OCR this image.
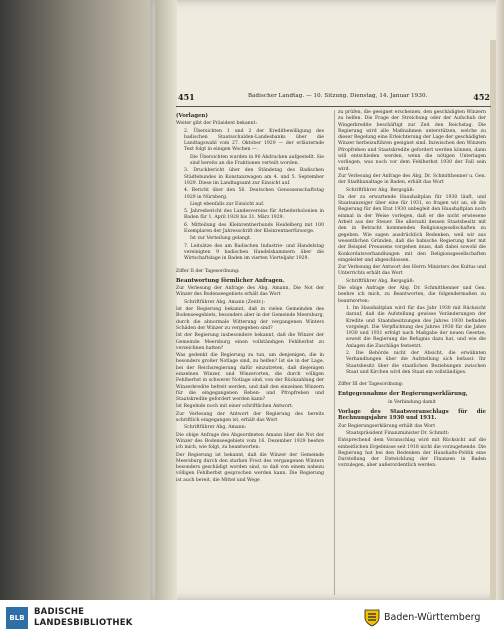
451	Badischer Landtag. — 10. Sitzung. Dienstag, 14. Januar 1930.	452

(Vorlagen)

Weiter gibt der Präsident bekannt:

2. Übersichten 1 und 2 der Kreditbewilligung des badischen Staatsschulden-Landesbanks über die Landtagswahl vom 27. Oktober 1929 — der erläuternde Text folgt in einigen Wochen —.

Die Übersichten wurden in 90 Abdrucken aufgestellt. Sie sind bereits an die Fraktionen verteilt worden.

3. Druckbericht über den Ständetag des Badischen Städtebundes in Konstanzwagen am 4. und 5. September 1929. Diese im Landtagsamt zur Einsicht auf.

4. Bericht über den 56. Deutschen Genossenschaftstag 1929 in Nürnberg.

Liegt ebenfalls zur Einsicht auf.

5. Jahresbericht des Landesvereins für Arbeiterkolonien in Baden für 1. April 1928 bis 31. März 1929.

6. Mitteilung des Kleinrentnerbunds Heidelberg mit 100 Exemplaren der Jahresschrift der Kleinrentnerfürsorge.

Ist zur Verteilung gelangt.

7. Leitsätze des am Badischen Industrie- und Handelstag vereinigten 9 badischen Handelskammern über die Wirtschaftslage in Baden im vierten Vierteljahr 1929.

Ziffer II der Tagesordnung:

Beantwortung förmlicher Anfragen.

Zur Verlesung der Anfrage des Abg. Amann, Die Not der Winzer des Bodenseegebiets erhält das Wort

Schriftführer Abg. Amann (Zentr.):

Ist der Regierung bekannt, daß in vielen Gemeinden des Bodenseegebiets, besonders aber in der Gemeinde Meersburg, durch die abnormale Witterung der vergangenen Winters Schäden der Winzer zu vergegeben sind?

Ist der Regierung insbesondere bekannt, daß die Winzer der Gemeinde Meersburg einen vollständigen Fehlherbst zu verzeichnen hatten?

Was gedenkt die Regierung zu tun, um denjenigen, die in besonders großer Notlage sind, zu helfen? Ist sie in der Lage, bei der Reichsregierung dafür einzutreten, daß diejenigen einzelnen Winzer, und Winzerorten, die durch völligen Fehlherbst in schwerer Notlage sind, von der Rückzahlung der Winzerkredite befreit werden, und daß den einzelnen Winzern für die eingegangenen Reben- und Pfropfreben und Staatskredite gefordert werden kann?

Ist Regelnde noch mit einer schriftlichen Antwort.

Zur Verlesung der Antwort der Regierung des bereits schriftlich eingegangen ist, erhält das Wort

Schriftführer Abg. Amann:

Die obige Anfrage des Abgeordneten Amann über die Not der Winzer des Bodenseegebiets vom 16. Dezember 1929 beehre ich mich, wie folgt, zu beantworten:

Der Regierung ist bekannt, daß die Winzer der Gemeinde Meersburg durch den starken Frost des vergangenen Winters besonders geschädigt worden sind, so daß von einem nahezu völligen Fehlherbst gesprochen werden kann. Die Regierung ist auch bereit, die Mittel und Wege

zu prüfen, die geeignet erscheinen, den geschädigten Winzern zu helfen. Die Frage der Streichung oder der Aufschub der Wingerkredite beschäftigt zur Zeit den Reichstag. Die Regierung wird alle Maßnahmen unterstützen, welche zu dieser Regelung eine Erleichterung der Lage der geschädigten Winzer herbeizuführen geeignet sind. Inzwischen den Winzern Pfropfreben und Staatskredite gefordert werden können, dann will entschieden werden, wenn die nötigen Unterlagen vorliegen, was noch vor dem Fehlherbst 1930 der Fall sein wird.

Zur Verlesung der Anfrage des Abg. Dr. Schmitthenner u. Gen. der Stadtkanaltage in Baden, erhält das Wort

Schriftführer Abg. Bergsgäß:

Da der zu erwartende Haushaltplan für 1930 läuft, und Staatsanzeiger über eine für 1931, so fragen wir an, ob die Regierung für den Etat 1930 unbegleit den Haushaltplan noch einmal in der Weise vorlegen, daß er die nicht erwiesene Arbeit aus der Steuer. Die allerzahl dessen Staatsbesitz mit den in Betracht kommenden Religionsgesellschaften zu gegeben. Wie sagen ausdrücklich Bedenken, weil wir aus wesentlichen Gründen, daß die babische Regierung hier mit der Beispiel Preussens vorgehen muss, daß dabei sowohl die Konkordatsverhandlungen mit den Religionsgesellschaften eingeleitet und abgeschlossen.

Zur Verlesung der Antwort des Herrn Ministers des Kultus und Unterrichts erhält das Wort

Schriftführer Abg. Bergsgäß:

Die obige Anfrage der Abg. Dr. Schmitthenner und Gen. beehre ich mich, zu Beantworten, die folgendermaßen zu beantworten:

1. Im Haushaltplan wird für das Jahr 1930 mit Rücksicht darauf, daß die Aufstellung gewisse Veränderungen der Kredite und Staatsbesitzungen des Jahres 1930 befinden vorgelegt. Die Verpflichtung des Jahres 1930 für die Jahre 1930 und 1931 erfolgt nach Maßgabe der neuen Gesetze, soweit die Regierung die Befugnis dazu hat, und wie die Anlagen die Zuschläge festsetzt.

2. Die Behörde nicht der Absicht, die erwähnten Verhandlungen über die Aufstellung sich befasst. Ihr Staatsbesitz über die staatlichen Beziehungen zwischen Staat und Kirchen wird den Staat ein vollständiges.

Ziffer III der Tagesordnung:

Entgegennahme der Regierungserklärung,

in Verbindung damit

Vorlage des Staatsvoranschlags für die Rechnungsjahre 1930 und 1931.

Zur Regierungserklärung erhält das Wort

Staatspräsident Finanzminister Dr. Schmitt:

Entsprechend dem Voranschlag wird mit Rücksicht auf die einheitlichen Ergebnisse seit 1918 nicht die vorzugehende. Die Regierung hat bei den Bedenken der Haushalts-Politik eine Darstellung der Entwicklung der Finanzen in Baden vorzulegen, aber außerordentlich werden.

BLB
BADISCHE
LANDESBIBLIOTHEK	Baden-Württemberg
